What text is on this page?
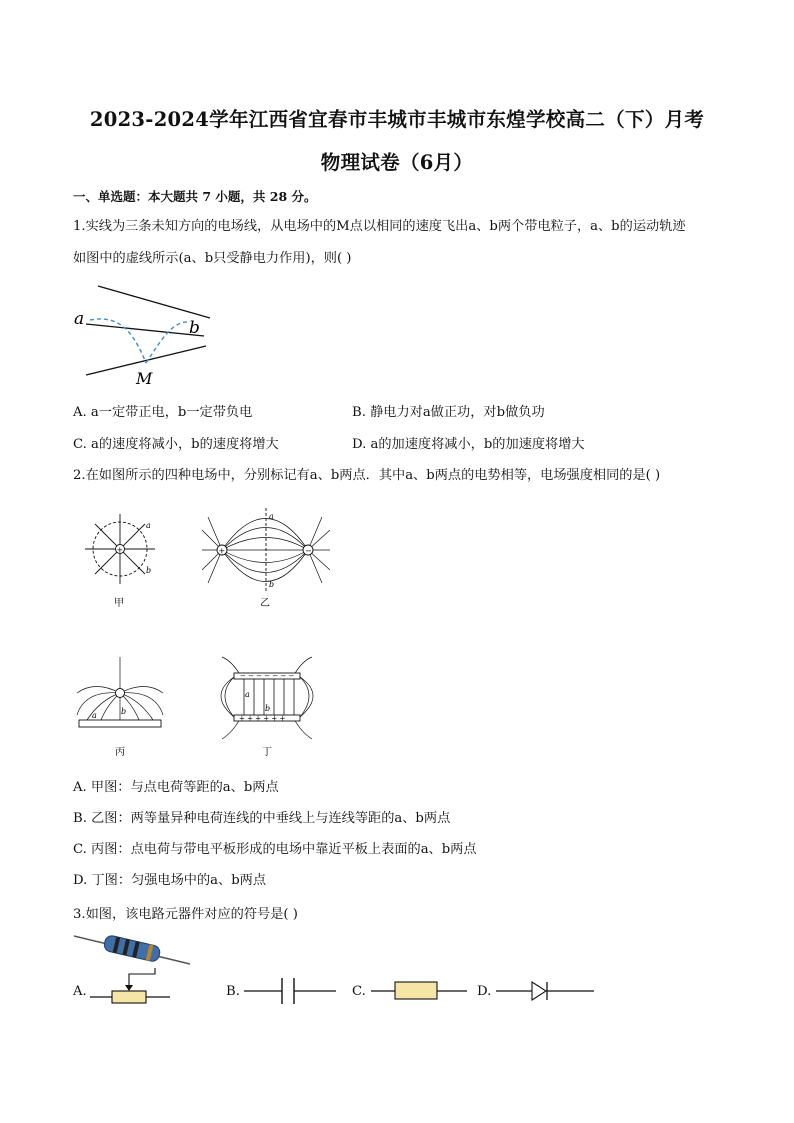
2023-2024学年江西省宜春市丰城市丰城市东煌学校高二（下）月考
物理试卷（6月）
一、单选题：本大题共 7 小题，共 28 分。
1.实线为三条未知方向的电场线，从电场中的M点以相同的速度飞出a、b两个带电粒子，a、b的运动轨迹
如图中的虚线所示(a、b只受静电力作用)，则( )
a	b
M
A. a一定带正电，b一定带负电	B. 静电力对a做正功，对b做负功
C. a的速度将减小，b的速度将增大	D. a的加速度将减小，b的加速度将增大
2.在如图所示的四种电场中，分别标记有a、b两点．其中a、b两点的电势相等，电场强度相同的是( )
+
a
b
甲
+	−
a
b
乙
a	b
丙
− − − − − − −
+ + + + + +
a
b
丁
A. 甲图：与点电荷等距的a、b两点
B. 乙图：两等量异种电荷连线的中垂线上与连线等距的a、b两点
C. 丙图：点电荷与带电平板形成的电场中靠近平板上表面的a、b两点
D. 丁图：匀强电场中的a、b两点
3.如图，该电路元器件对应的符号是( )
A.	B.	C.	D.
